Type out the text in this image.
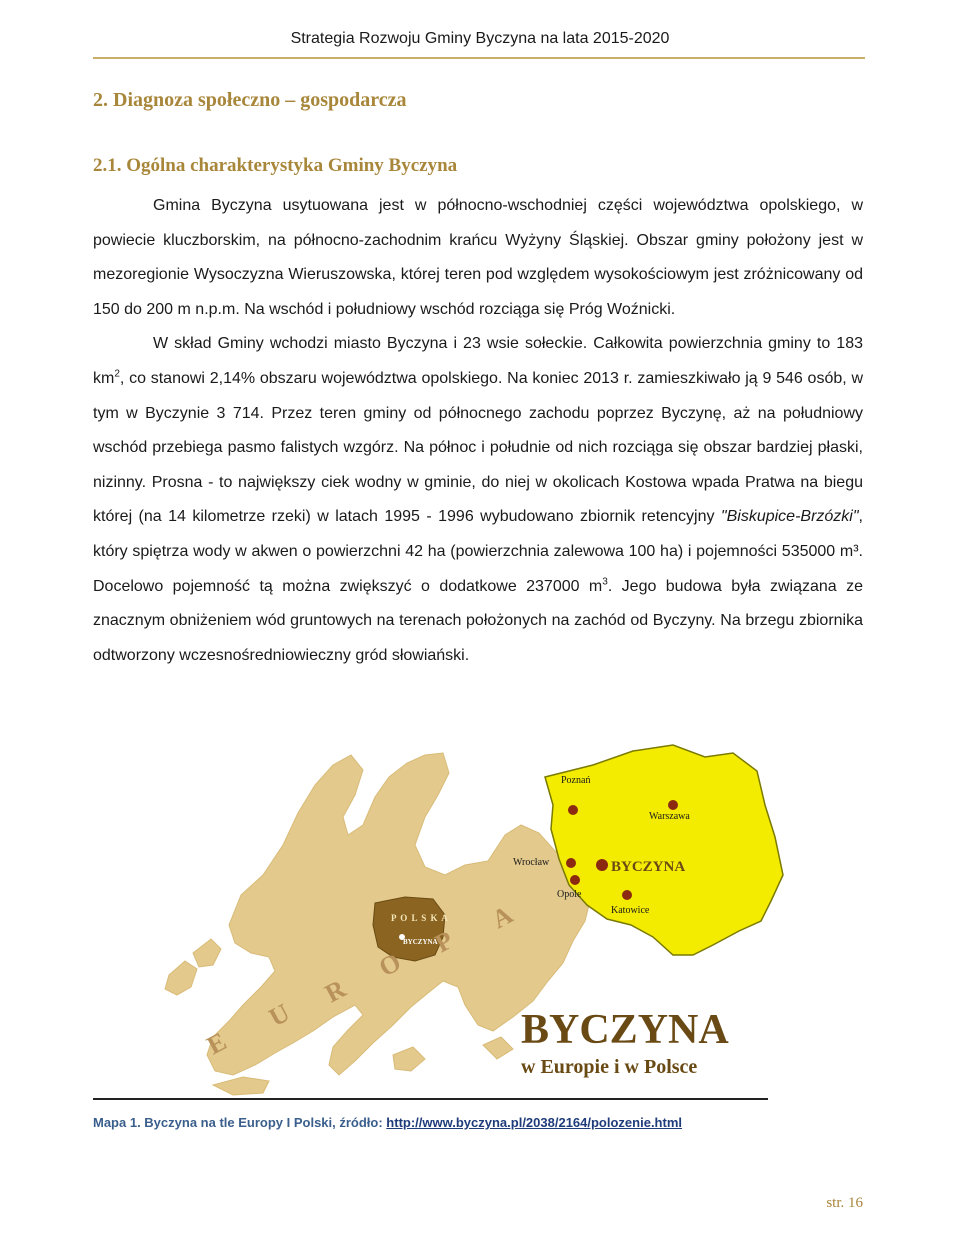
Strategia Rozwoju Gminy Byczyna na lata 2015-2020
2. Diagnoza społeczno – gospodarcza
2.1. Ogólna charakterystyka Gminy Byczyna

Gmina Byczyna usytuowana jest w północno-wschodniej części województwa opolskiego, w powiecie kluczborskim, na północno-zachodnim krańcu Wyżyny Śląskiej. Obszar gminy położony jest w mezoregionie Wysoczyzna Wieruszowska, której teren pod względem wysokościowym jest zróżnicowany od 150 do 200 m n.p.m. Na wschód i południowy wschód rozciąga się Próg Woźnicki.

W skład Gminy wchodzi miasto Byczyna i 23 wsie sołeckie. Całkowita powierzchnia gminy to 183 $km^2$, co stanowi 2,14% obszaru województwa opolskiego. Na koniec 2013 r. zamieszkiwało ją 9 546 osób, w tym w Byczynie 3 714. Przez teren gminy od północnego zachodu poprzez Byczynę, aż na południowy wschód przebiega pasmo falistych wzgórz. Na północ i południe od nich rozciąga się obszar bardziej płaski, nizinny. Prosna - to największy ciek wodny w gminie, do niej w okolicach Kostowa wpada Pratwa na biegu której (na 14 kilometrze rzeki) w latach 1995 - 1996 wybudowano zbiornik retencyjny "Biskupice-Brzózki", który spiętrza wody w akwen o powierzchni 42 ha (powierzchnia zalewowa 100 ha) i pojemności 535000 m³. Docelowo pojemność tą można zwiększyć o dodatkowe 237000 $m^3$. Jego budowa była związana ze znacznym obniżeniem wód gruntowych na terenach położonych na zachód od Byczyny. Na brzegu zbiornika odtworzony wczesnośredniowieczny gród słowiański.

P O L S K A
BYCZYNA
E
U
R
O
P
A
Poznań
Warszawa
Wrocław	BYCZYNA
Opole
Katowice
BYCZYNA
w Europie i w Polsce
Mapa 1. Byczyna na tle Europy I Polski, źródło: http://www.byczyna.pl/2038/2164/polozenie.html
str. 16
